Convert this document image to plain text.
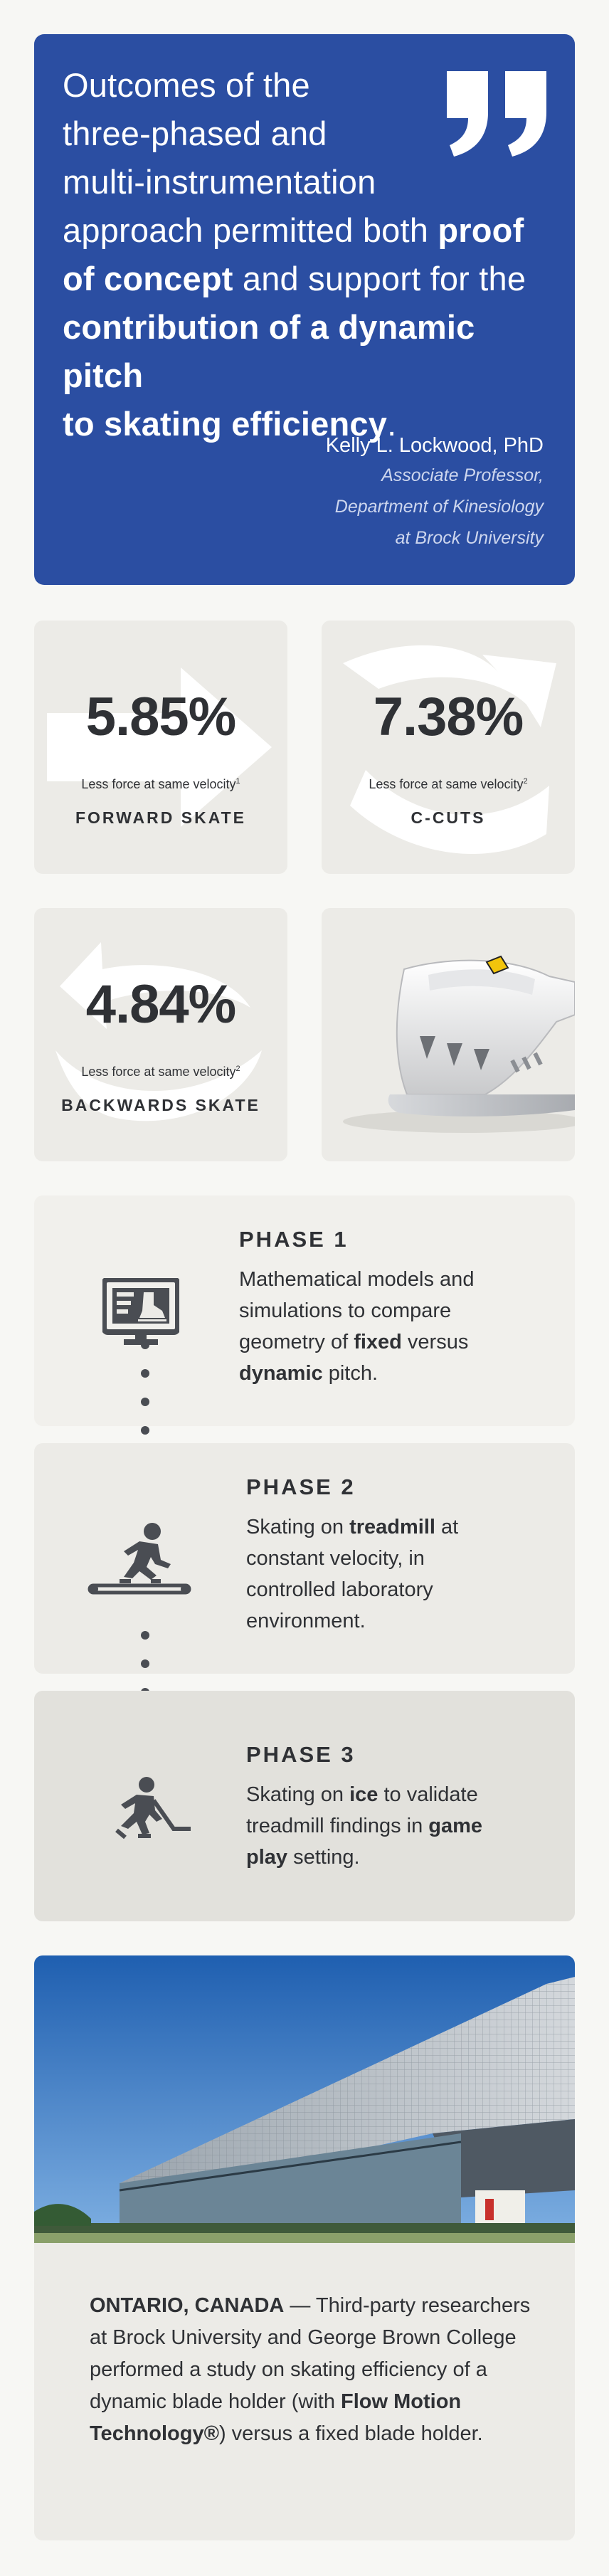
Outcomes of the
three-phased and
multi-instrumentation
approach permitted both proof
of concept and support for the
contribution of a dynamic pitch
to skating efficiency.
Kelly L. Lockwood, PhD
Associate Professor,
Department of Kinesiology
at Brock University
5.85%
Less force at same velocity$^1$
FORWARD SKATE
7.38%
Less force at same velocity$^2$
C-CUTS
4.84%
Less force at same velocity$^2$
BACKWARDS SKATE
PHASE 1
Mathematical models and
simulations to compare
geometry of fixed versus
dynamic pitch.
PHASE 2
Skating on treadmill at
constant velocity, in
controlled laboratory
environment.
PHASE 3
Skating on ice to validate
treadmill findings in game
play setting.
ONTARIO, CANADA — Third-party researchers at Brock University and George Brown College performed a study on skating efficiency of a dynamic blade holder (with Flow Motion Technology®) versus a fixed blade holder.
